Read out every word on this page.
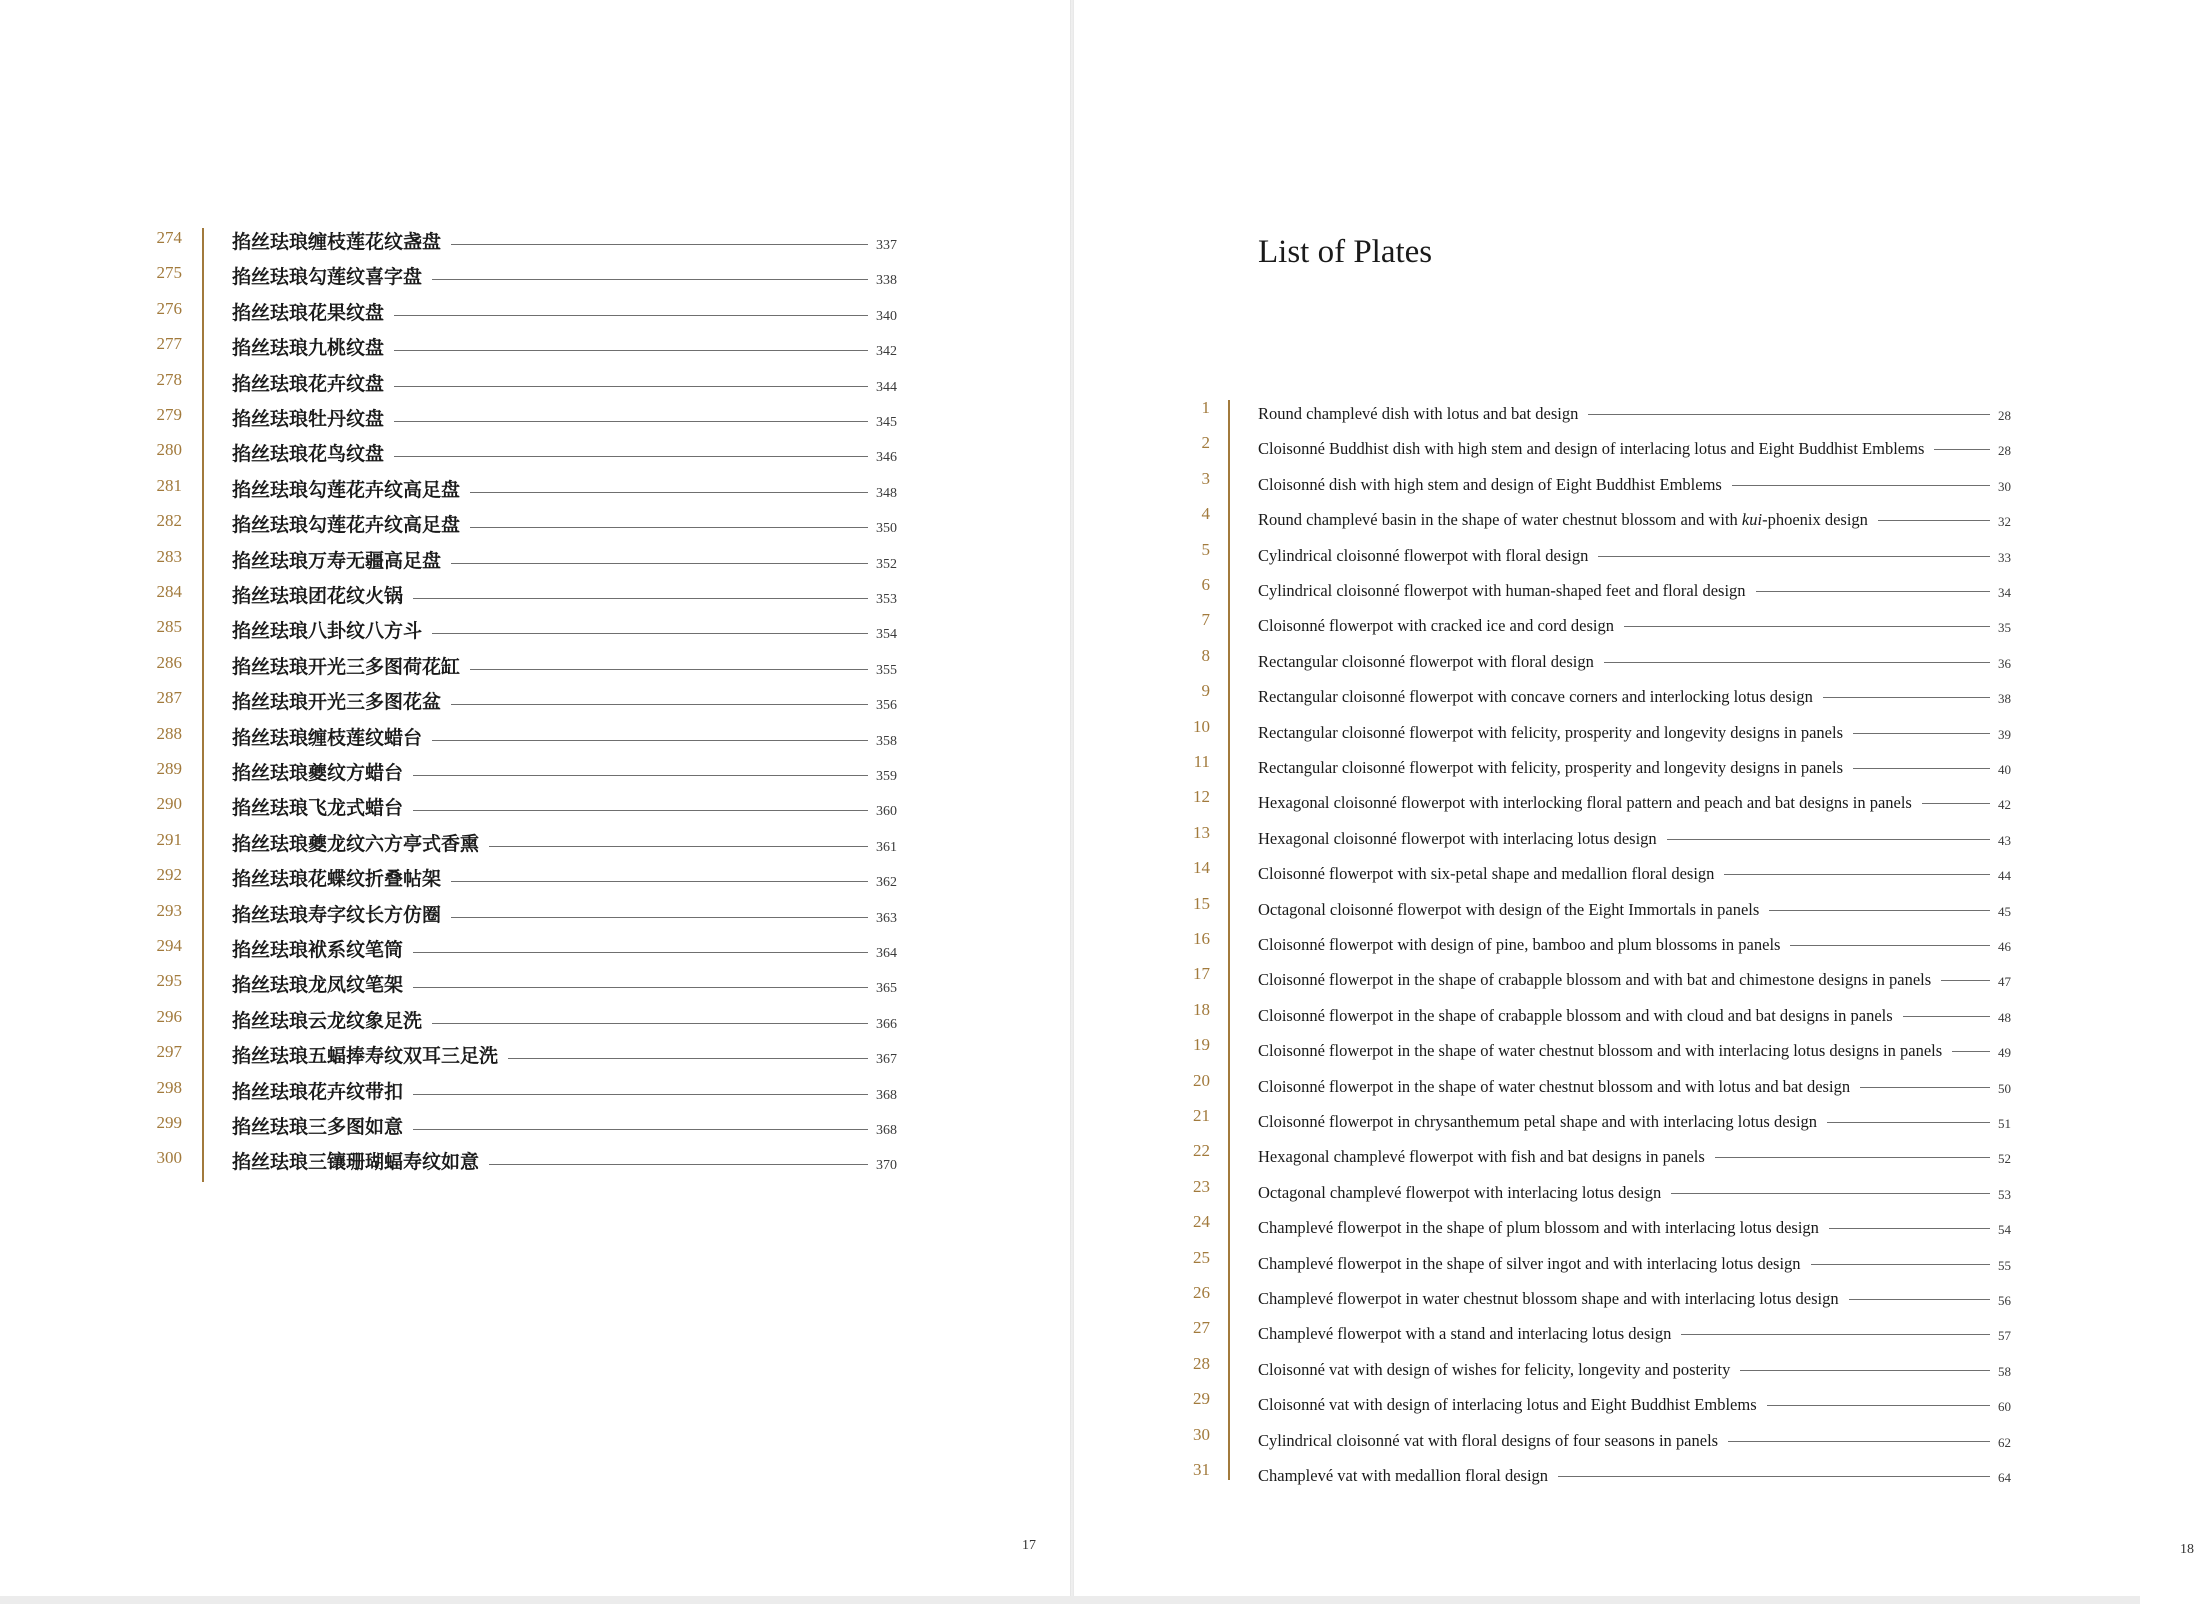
274	掐丝珐琅缠枝莲花纹盏盘	337
275	掐丝珐琅勾莲纹喜字盘	338
276	掐丝珐琅花果纹盘	340
277	掐丝珐琅九桃纹盘	342
278	掐丝珐琅花卉纹盘	344
279	掐丝珐琅牡丹纹盘	345
280	掐丝珐琅花鸟纹盘	346
281	掐丝珐琅勾莲花卉纹高足盘	348
282	掐丝珐琅勾莲花卉纹高足盘	350
283	掐丝珐琅万寿无疆高足盘	352
284	掐丝珐琅团花纹火锅	353
285	掐丝珐琅八卦纹八方斗	354
286	掐丝珐琅开光三多图荷花缸	355
287	掐丝珐琅开光三多图花盆	356
288	掐丝珐琅缠枝莲纹蜡台	358
289	掐丝珐琅夔纹方蜡台	359
290	掐丝珐琅飞龙式蜡台	360
291	掐丝珐琅夔龙纹六方亭式香熏	361
292	掐丝珐琅花蝶纹折叠帖架	362
293	掐丝珐琅寿字纹长方仿圈	363
294	掐丝珐琅袱系纹笔筒	364
295	掐丝珐琅龙凤纹笔架	365
296	掐丝珐琅云龙纹象足洗	366
297	掐丝珐琅五蝠捧寿纹双耳三足洗	367
298	掐丝珐琅花卉纹带扣	368
299	掐丝珐琅三多图如意	368
300	掐丝珐琅三镶珊瑚蝠寿纹如意	370
17	18
List of Plates
1	Round champlevé dish with lotus and bat design	28
2	Cloisonné Buddhist dish with high stem and design of interlacing lotus and Eight Buddhist Emblems	28
3	Cloisonné dish with high stem and design of Eight Buddhist Emblems	30
4	Round champlevé basin in the shape of water chestnut blossom and with kui-phoenix design	32
5	Cylindrical cloisonné flowerpot with floral design	33
6	Cylindrical cloisonné flowerpot with human-shaped feet and floral design	34
7	Cloisonné flowerpot with cracked ice and cord design	35
8	Rectangular cloisonné flowerpot with floral design	36
9	Rectangular cloisonné flowerpot with concave corners and interlocking lotus design	38
10	Rectangular cloisonné flowerpot with felicity, prosperity and longevity designs in panels	39
11	Rectangular cloisonné flowerpot with felicity, prosperity and longevity designs in panels	40
12	Hexagonal cloisonné flowerpot with interlocking floral pattern and peach and bat designs in panels	42
13	Hexagonal cloisonné flowerpot with interlacing lotus design	43
14	Cloisonné flowerpot with six-petal shape and medallion floral design	44
15	Octagonal cloisonné flowerpot with design of the Eight Immortals in panels	45
16	Cloisonné flowerpot with design of pine, bamboo and plum blossoms in panels	46
17	Cloisonné flowerpot in the shape of crabapple blossom and with bat and chimestone designs in panels	47
18	Cloisonné flowerpot in the shape of crabapple blossom and with cloud and bat designs in panels	48
19	Cloisonné flowerpot in the shape of water chestnut blossom and with interlacing lotus designs in panels	49
20	Cloisonné flowerpot in the shape of water chestnut blossom and with lotus and bat design	50
21	Cloisonné flowerpot in chrysanthemum petal shape and with interlacing lotus design	51
22	Hexagonal champlevé flowerpot with fish and bat designs in panels	52
23	Octagonal champlevé flowerpot with interlacing lotus design	53
24	Champlevé flowerpot in the shape of plum blossom and with interlacing lotus design	54
25	Champlevé flowerpot in the shape of silver ingot and with interlacing lotus design	55
26	Champlevé flowerpot in water chestnut blossom shape and with interlacing lotus design	56
27	Champlevé flowerpot with a stand and interlacing lotus design	57
28	Cloisonné vat with design of wishes for felicity, longevity and posterity	58
29	Cloisonné vat with design of interlacing lotus and Eight Buddhist Emblems	60
30	Cylindrical cloisonné vat with floral designs of four seasons in panels	62
31	Champlevé vat with medallion floral design	64
